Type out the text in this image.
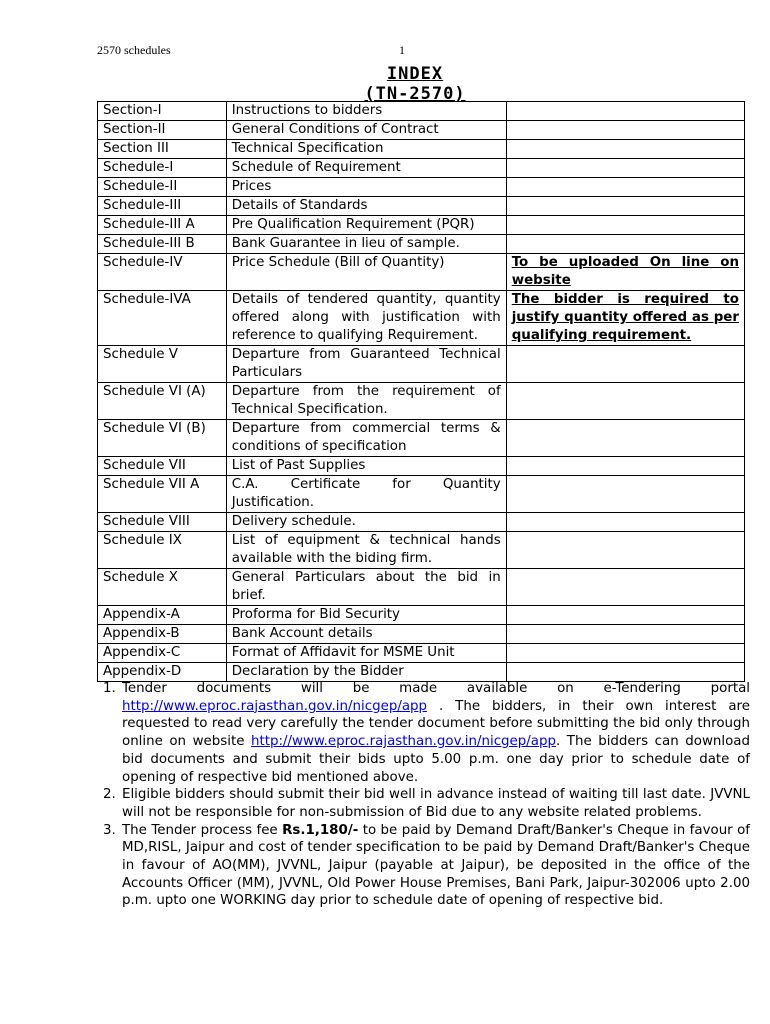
2570 schedules	1
INDEX
(TN-2570)
Section-I	Instructions to bidders	
Section-II	General Conditions of Contract	
Section III	Technical Specification	
Schedule-I	Schedule of Requirement	
Schedule-II	Prices	
Schedule-III	Details of Standards	
Schedule-III A	Pre Qualification Requirement (PQR)	
Schedule-III B	Bank Guarantee in lieu of sample.	
Schedule-IV	Price Schedule (Bill of Quantity)	To be uploaded On line on website
Schedule-IVA	Details of tendered quantity, quantity offered along with justification with reference to qualifying Requirement.	The bidder is required to justify quantity offered as per qualifying requirement.
Schedule V	Departure from Guaranteed Technical Particulars	
Schedule VI (A)	Departure from the requirement of Technical Specification.	
Schedule VI (B)	Departure from commercial terms & conditions of specification	
Schedule VII	List of Past Supplies	
Schedule VII A	C.A. Certificate for Quantity Justification.	
Schedule VIII	Delivery schedule.	
Schedule IX	List of equipment & technical hands available with the biding firm.	
Schedule X	General Particulars about the bid in brief.	
Appendix-A	Proforma for Bid Security	
Appendix-B	Bank Account details	
Appendix-C	Format of Affidavit for MSME Unit	
Appendix-D	Declaration by the Bidder	
1. Tender documents will be made available on e-Tendering portal http://www.eproc.rajasthan.gov.in/nicgep/app . The bidders, in their own interest are requested to read very carefully the tender document before submitting the bid only through online on website http://www.eproc.rajasthan.gov.in/nicgep/app. The bidders can download bid documents and submit their bids upto 5.00 p.m. one day prior to schedule date of opening of respective bid mentioned above.
2. Eligible bidders should submit their bid well in advance instead of waiting till last date. JVVNL will not be responsible for non-submission of Bid due to any website related problems.
3. The Tender process fee Rs.1,180/- to be paid by Demand Draft/Banker's Cheque in favour of MD,RISL, Jaipur and cost of tender specification to be paid by Demand Draft/Banker's Cheque in favour of AO(MM), JVVNL, Jaipur (payable at Jaipur), be deposited in the office of the Accounts Officer (MM), JVVNL, Old Power House Premises, Bani Park, Jaipur-302006 upto 2.00 p.m. upto one WORKING day prior to schedule date of opening of respective bid.
